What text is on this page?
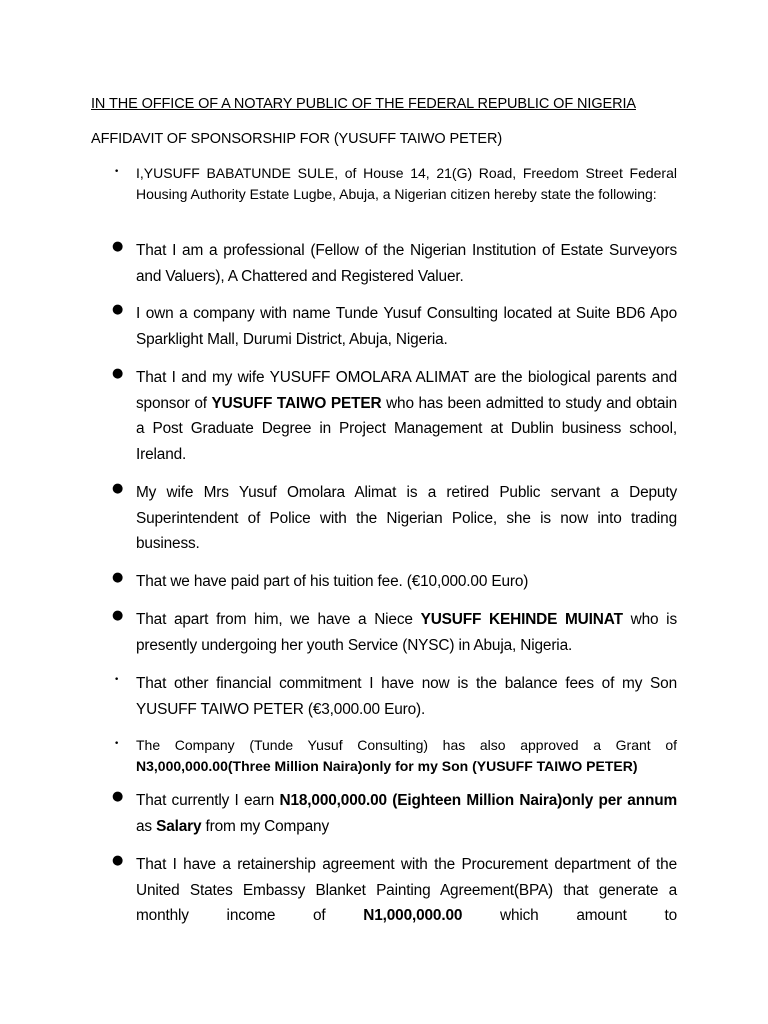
IN THE OFFICE OF A NOTARY PUBLIC OF THE FEDERAL REPUBLIC OF NIGERIA
AFFIDAVIT OF SPONSORSHIP FOR (YUSUFF TAIWO PETER)
• I,YUSUFF BABATUNDE SULE, of House 14, 21(G) Road, Freedom Street Federal Housing Authority Estate Lugbe, Abuja, a Nigerian citizen hereby state the following:
● That I am a professional (Fellow of the Nigerian Institution of Estate Surveyors and Valuers), A Chattered and Registered Valuer.
● I own a company with name Tunde Yusuf Consulting located at Suite BD6 Apo Sparklight Mall, Durumi District, Abuja, Nigeria.
● That I and my wife YUSUFF OMOLARA ALIMAT are the biological parents and sponsor of YUSUFF TAIWO PETER who has been admitted to study and obtain a Post Graduate Degree in Project Management at Dublin business school, Ireland.
● My wife Mrs Yusuf Omolara Alimat is a retired Public servant a Deputy Superintendent of Police with the Nigerian Police, she is now into trading business.
● That we have paid part of his tuition fee. (€10,000.00 Euro)
● That apart from him, we have a Niece YUSUFF KEHINDE MUINAT who is presently undergoing her youth Service (NYSC) in Abuja, Nigeria.
• That other financial commitment I have now is the balance fees of my Son YUSUFF TAIWO PETER (€3,000.00 Euro).
• The Company (Tunde Yusuf Consulting) has also approved a Grant of N3,000,000.00(Three Million Naira)only for my Son (YUSUFF TAIWO PETER)
● That currently I earn N18,000,000.00 (Eighteen Million Naira)only per annum as Salary from my Company
● That I have a retainership agreement with the Procurement department of the United States Embassy Blanket Painting Agreement(BPA) that generate a monthly income of N1,000,000.00 which amount to
